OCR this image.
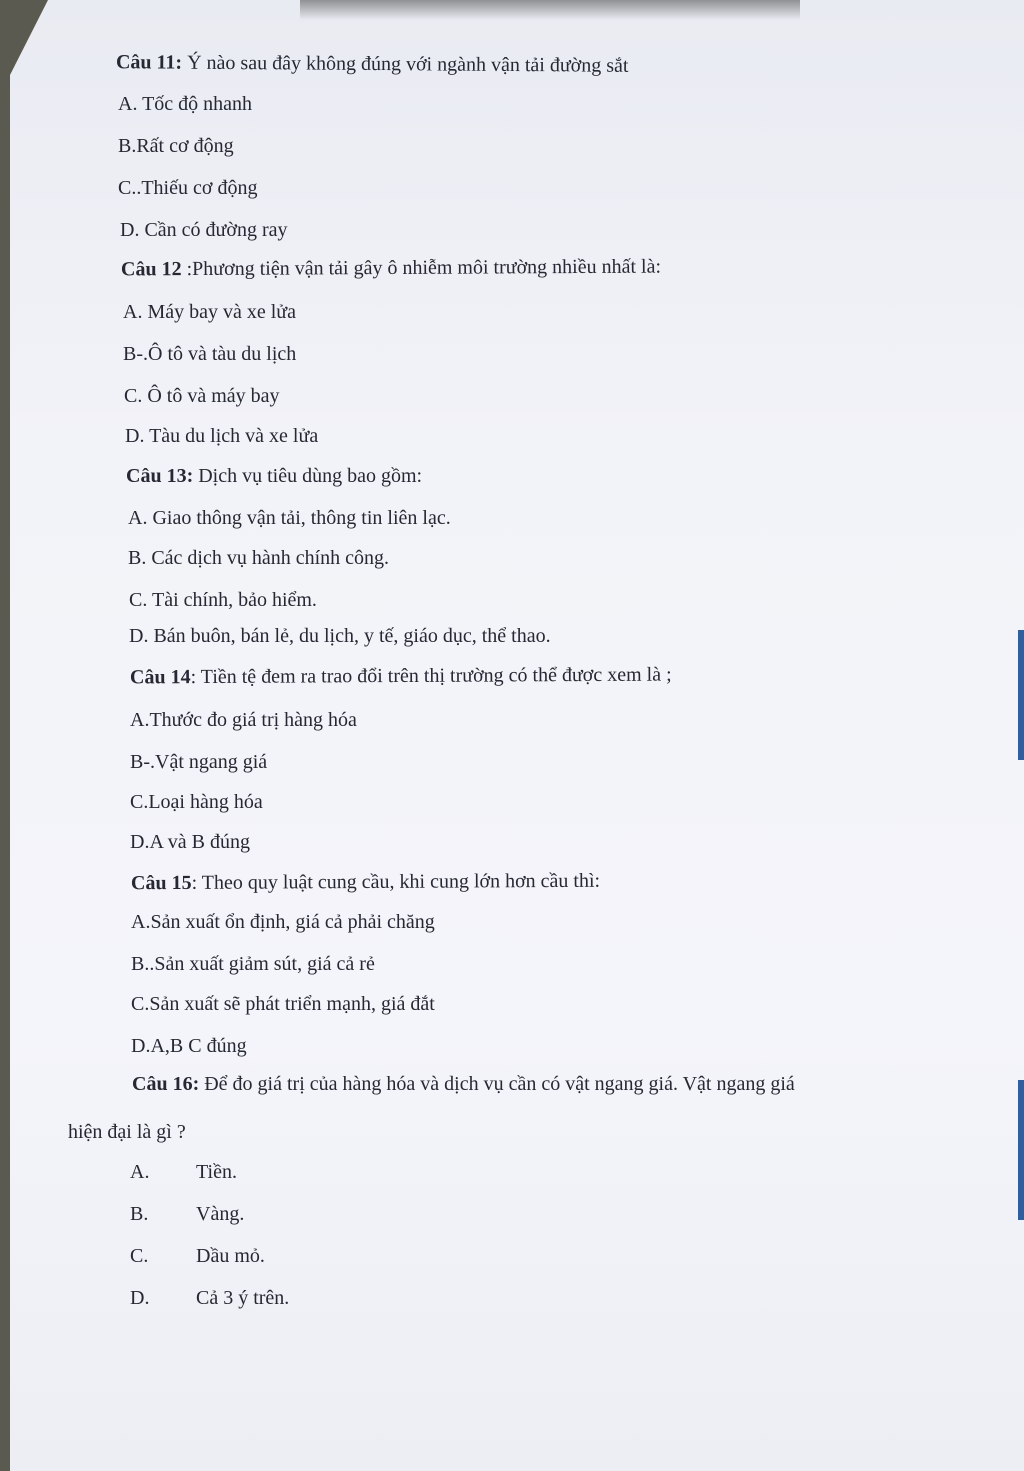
Câu 11: Ý nào sau đây không đúng với ngành vận tải đường sắt
A. Tốc độ nhanh
B.Rất cơ động
C..Thiếu cơ động
D. Cần có đường ray
Câu 12 :Phương tiện vận tải gây ô nhiễm môi trường nhiều nhất là:
A. Máy bay và xe lửa
B-.Ô tô và tàu du lịch
C. Ô tô và máy bay
D. Tàu du lịch và xe lửa
Câu 13: Dịch vụ tiêu dùng bao gồm:
A. Giao thông vận tải, thông tin liên lạc.
B. Các dịch vụ hành chính công.
C. Tài chính, bảo hiểm.
D. Bán buôn, bán lẻ, du lịch, y tế, giáo dục, thể thao.
Câu 14: Tiền tệ đem ra trao đổi trên thị trường có thể được xem là ;
A.Thước đo giá trị hàng hóa
B-.Vật ngang giá
C.Loại hàng hóa
D.A và B đúng
Câu 15: Theo quy luật cung cầu, khi cung lớn hơn cầu thì:
A.Sản xuất ổn định, giá cả phải chăng
B..Sản xuất giảm sút, giá cả rẻ
C.Sản xuất sẽ phát triển mạnh, giá đắt
D.A,B C đúng
Câu 16: Để đo giá trị của hàng hóa và dịch vụ cần có vật ngang giá. Vật ngang giá
hiện đại là gì ?
A. Tiền.
B. Vàng.
C. Dầu mỏ.
D. Cả 3 ý trên.
